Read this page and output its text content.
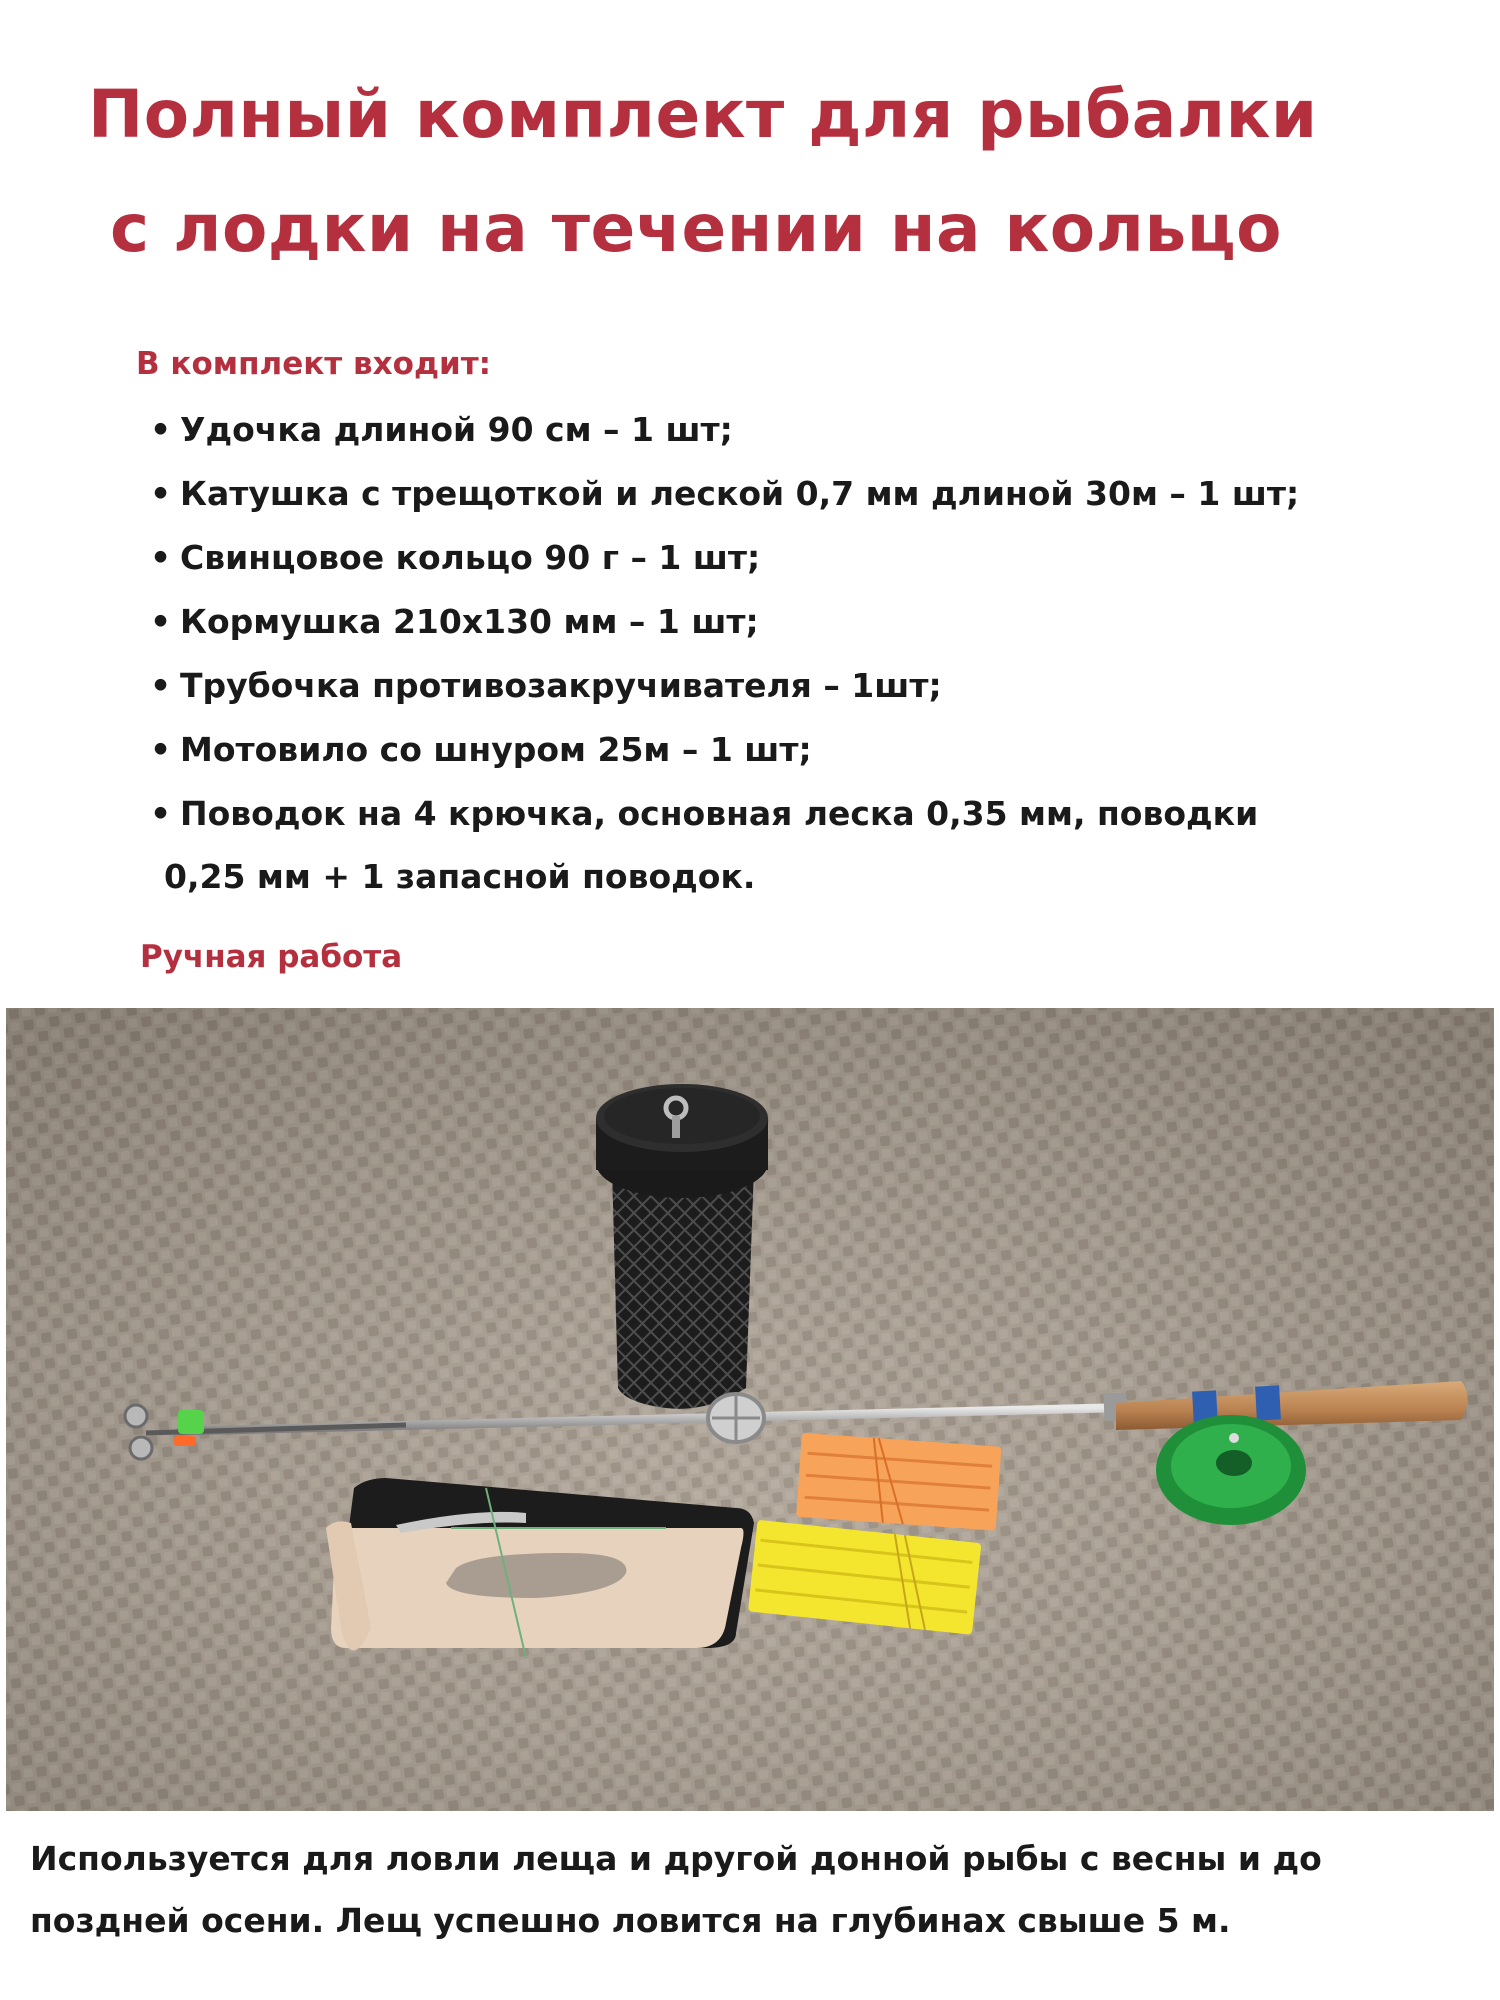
Полный комплект для рыбалки
с лодки на течении на кольцо
В комплект входит:
• Удочка длиной 90 см – 1 шт;
• Катушка с трещоткой и леской 0,7 мм длиной 30м – 1 шт;
• Свинцовое кольцо 90 г – 1 шт;
• Кормушка 210х130 мм – 1 шт;
• Трубочка противозакручивателя – 1шт;
• Мотовило со шнуром 25м – 1 шт;
• Поводок на 4 крючка, основная леска 0,35 мм, поводки
0,25 мм + 1 запасной поводок.
Ручная работа
Используется для ловли леща и другой донной рыбы с весны и до
поздней осени. Лещ успешно ловится на глубинах свыше 5 м.
